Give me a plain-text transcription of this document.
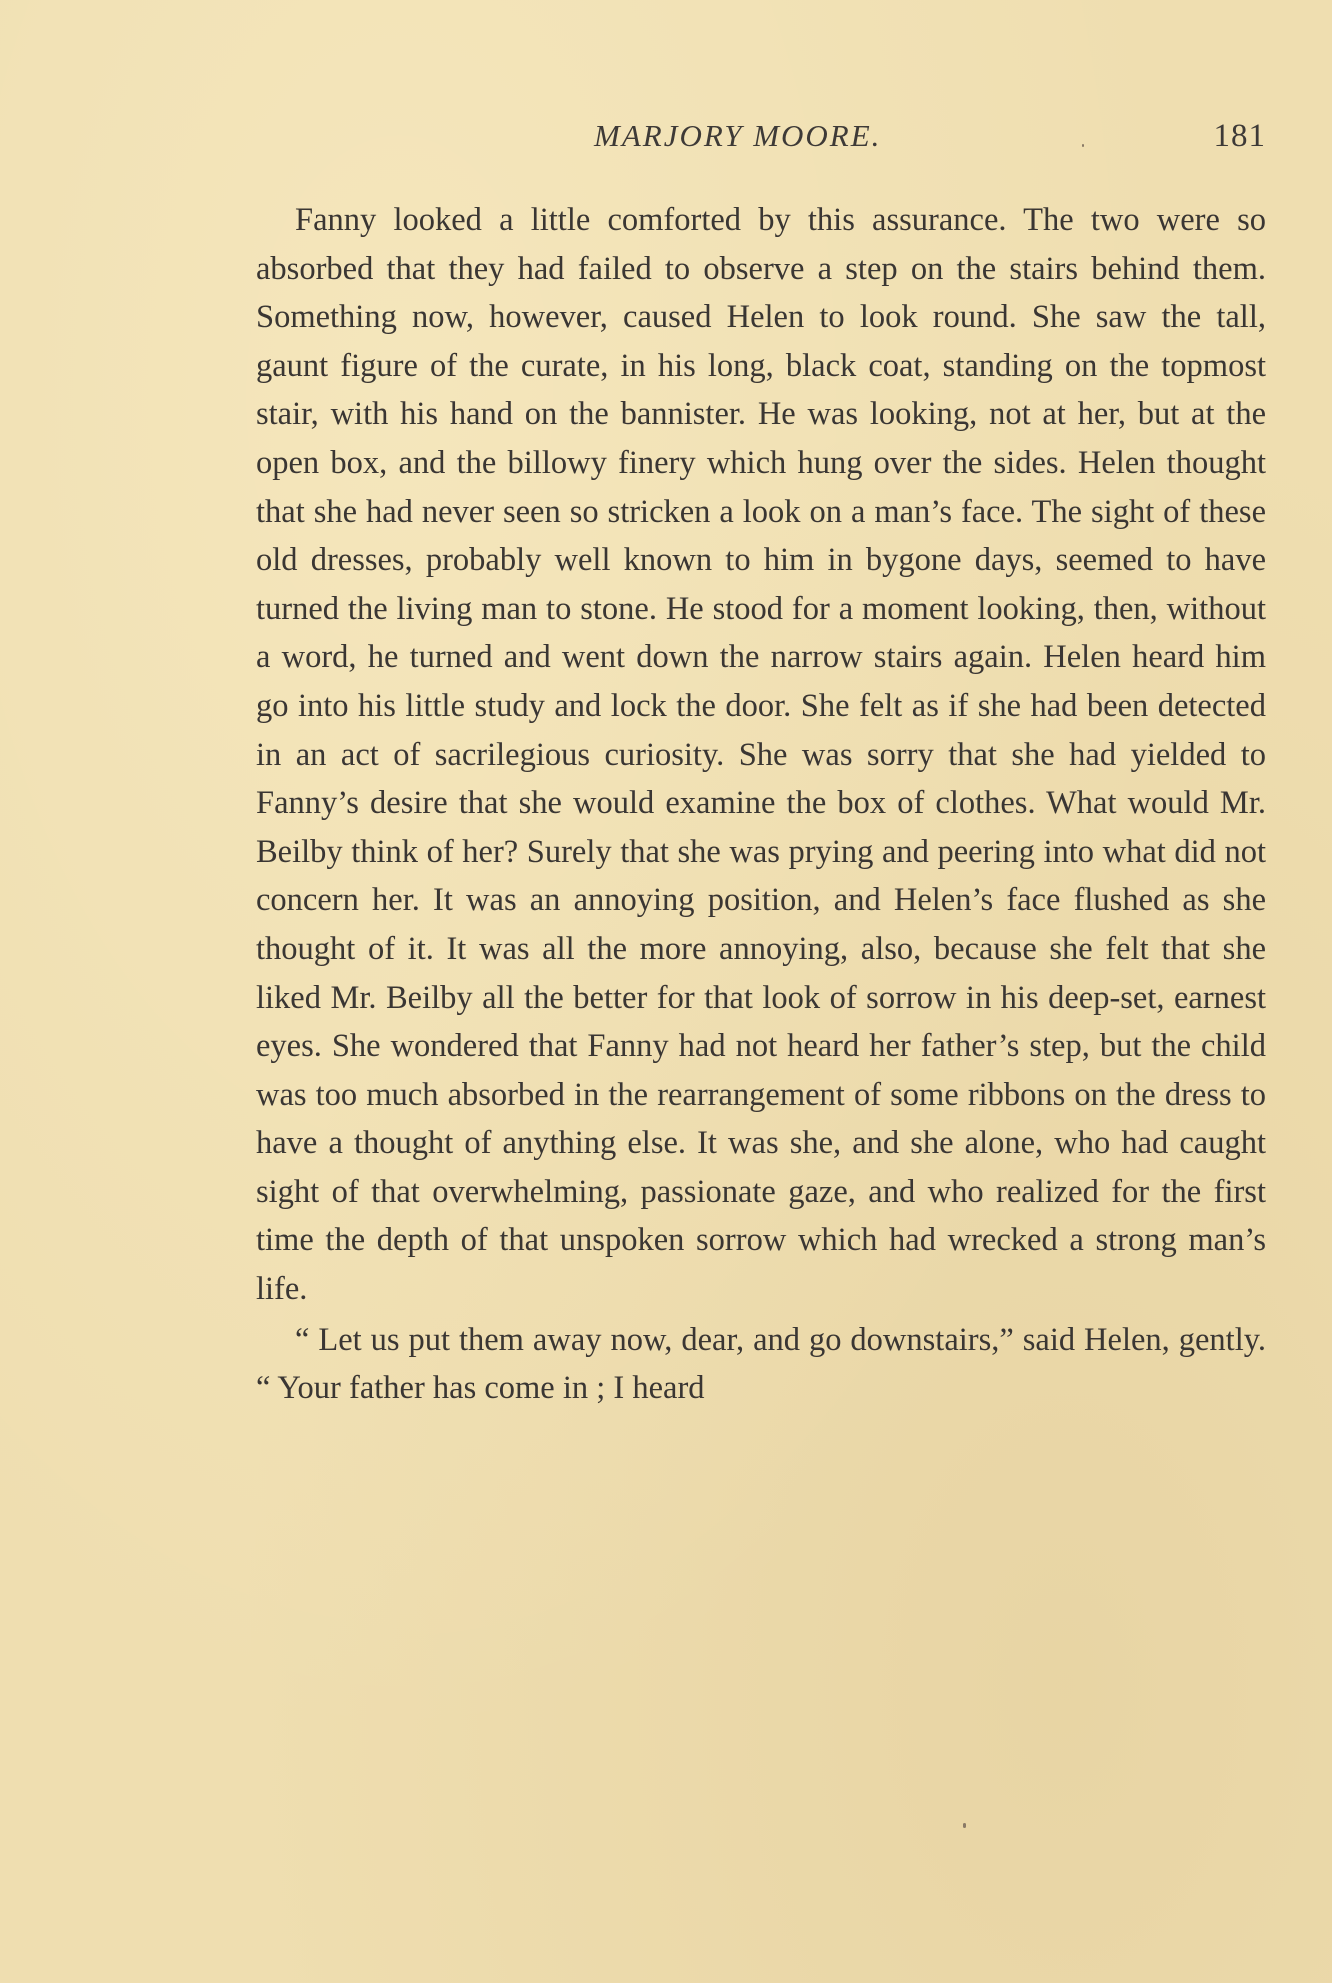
MARJORY MOORE.	181

Fanny looked a little comforted by this assurance. The two were so absorbed that they had failed to observe a step on the stairs behind them. Something now, however, caused Helen to look round. She saw the tall, gaunt figure of the curate, in his long, black coat, standing on the topmost stair, with his hand on the bannister. He was looking, not at her, but at the open box, and the billowy finery which hung over the sides. Helen thought that she had never seen so stricken a look on a man’s face. The sight of these old dresses, probably well known to him in bygone days, seemed to have turned the living man to stone. He stood for a moment looking, then, without a word, he turned and went down the narrow stairs again. Helen heard him go into his little study and lock the door. She felt as if she had been detected in an act of sacrilegious curiosity. She was sorry that she had yielded to Fanny’s desire that she would examine the box of clothes. What would Mr. Beilby think of her? Surely that she was prying and peering into what did not concern her. It was an annoying position, and Helen’s face flushed as she thought of it. It was all the more annoying, also, because she felt that she liked Mr. Beilby all the better for that look of sorrow in his deep-set, earnest eyes. She wondered that Fanny had not heard her father’s step, but the child was too much absorbed in the rearrangement of some ribbons on the dress to have a thought of anything else. It was she, and she alone, who had caught sight of that overwhelming, passionate gaze, and who realized for the first time the depth of that unspoken sorrow which had wrecked a strong man’s life.

“ Let us put them away now, dear, and go downstairs,” said Helen, gently. “ Your father has come in ; I heard
